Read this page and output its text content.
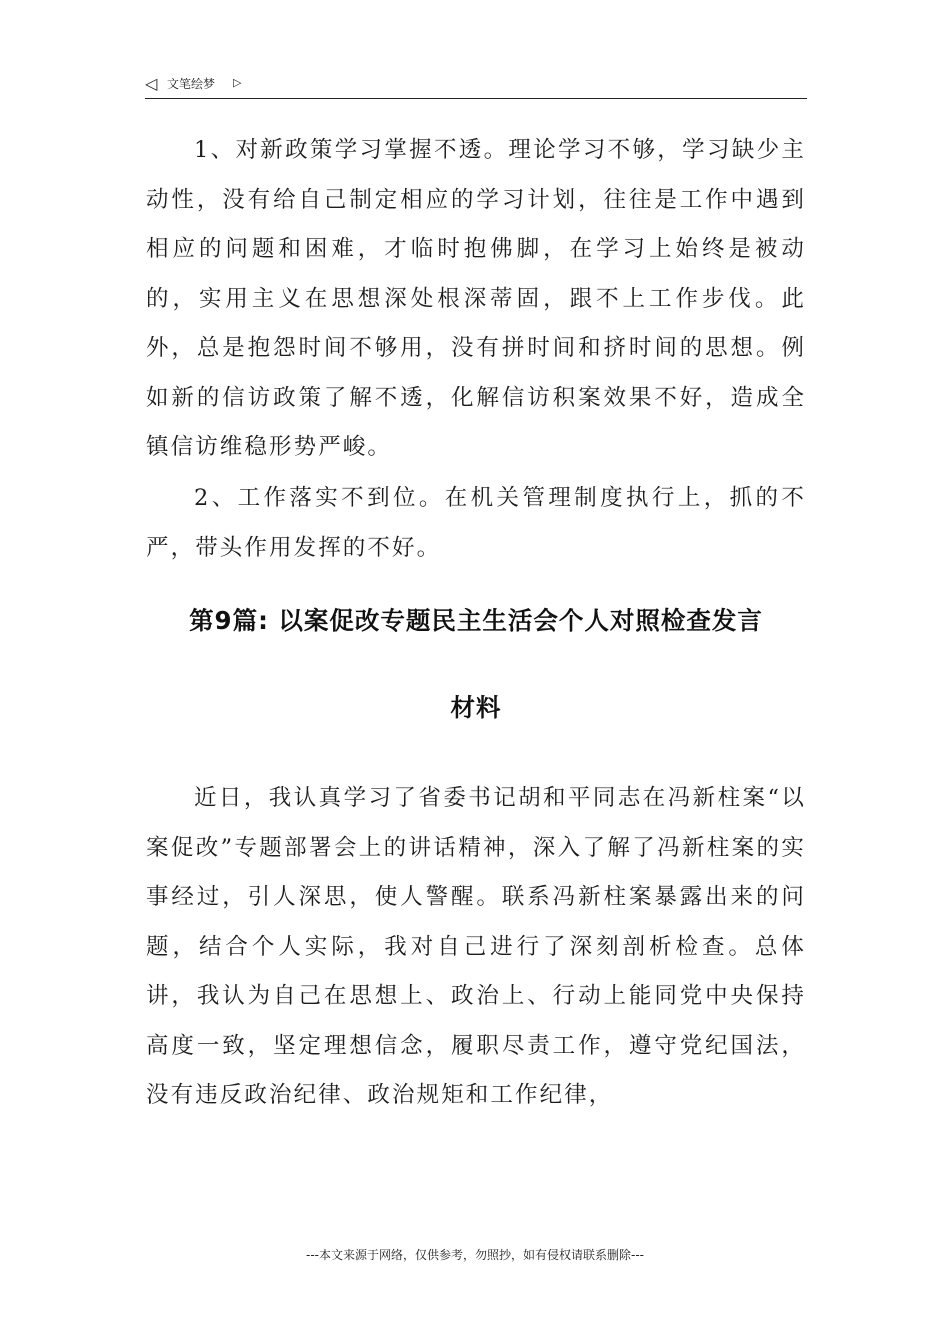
◁ 文笔绘梦 ▷

1、对新政策学习掌握不透。理论学习不够，学习缺少主动性，没有给自己制定相应的学习计划，往往是工作中遇到相应的问题和困难，才临时抱佛脚，在学习上始终是被动的，实用主义在思想深处根深蒂固，跟不上工作步伐。此外，总是抱怨时间不够用，没有拼时间和挤时间的思想。例如新的信访政策了解不透，化解信访积案效果不好，造成全镇信访维稳形势严峻。

2、工作落实不到位。在机关管理制度执行上，抓的不严，带头作用发挥的不好。

第9篇: 以案促改专题民主生活会个人对照检查发言
材料

近日，我认真学习了省委书记胡和平同志在冯新柱案“以案促改”专题部署会上的讲话精神，深入了解了冯新柱案的实事经过，引人深思，使人警醒。联系冯新柱案暴露出来的问题，结合个人实际，我对自己进行了深刻剖析检查。总体讲，我认为自己在思想上、政治上、行动上能同党中央保持高度一致，坚定理想信念，履职尽责工作，遵守党纪国法，没有违反政治纪律、政治规矩和工作纪律，

---本文来源于网络，仅供参考，勿照抄，如有侵权请联系删除---
